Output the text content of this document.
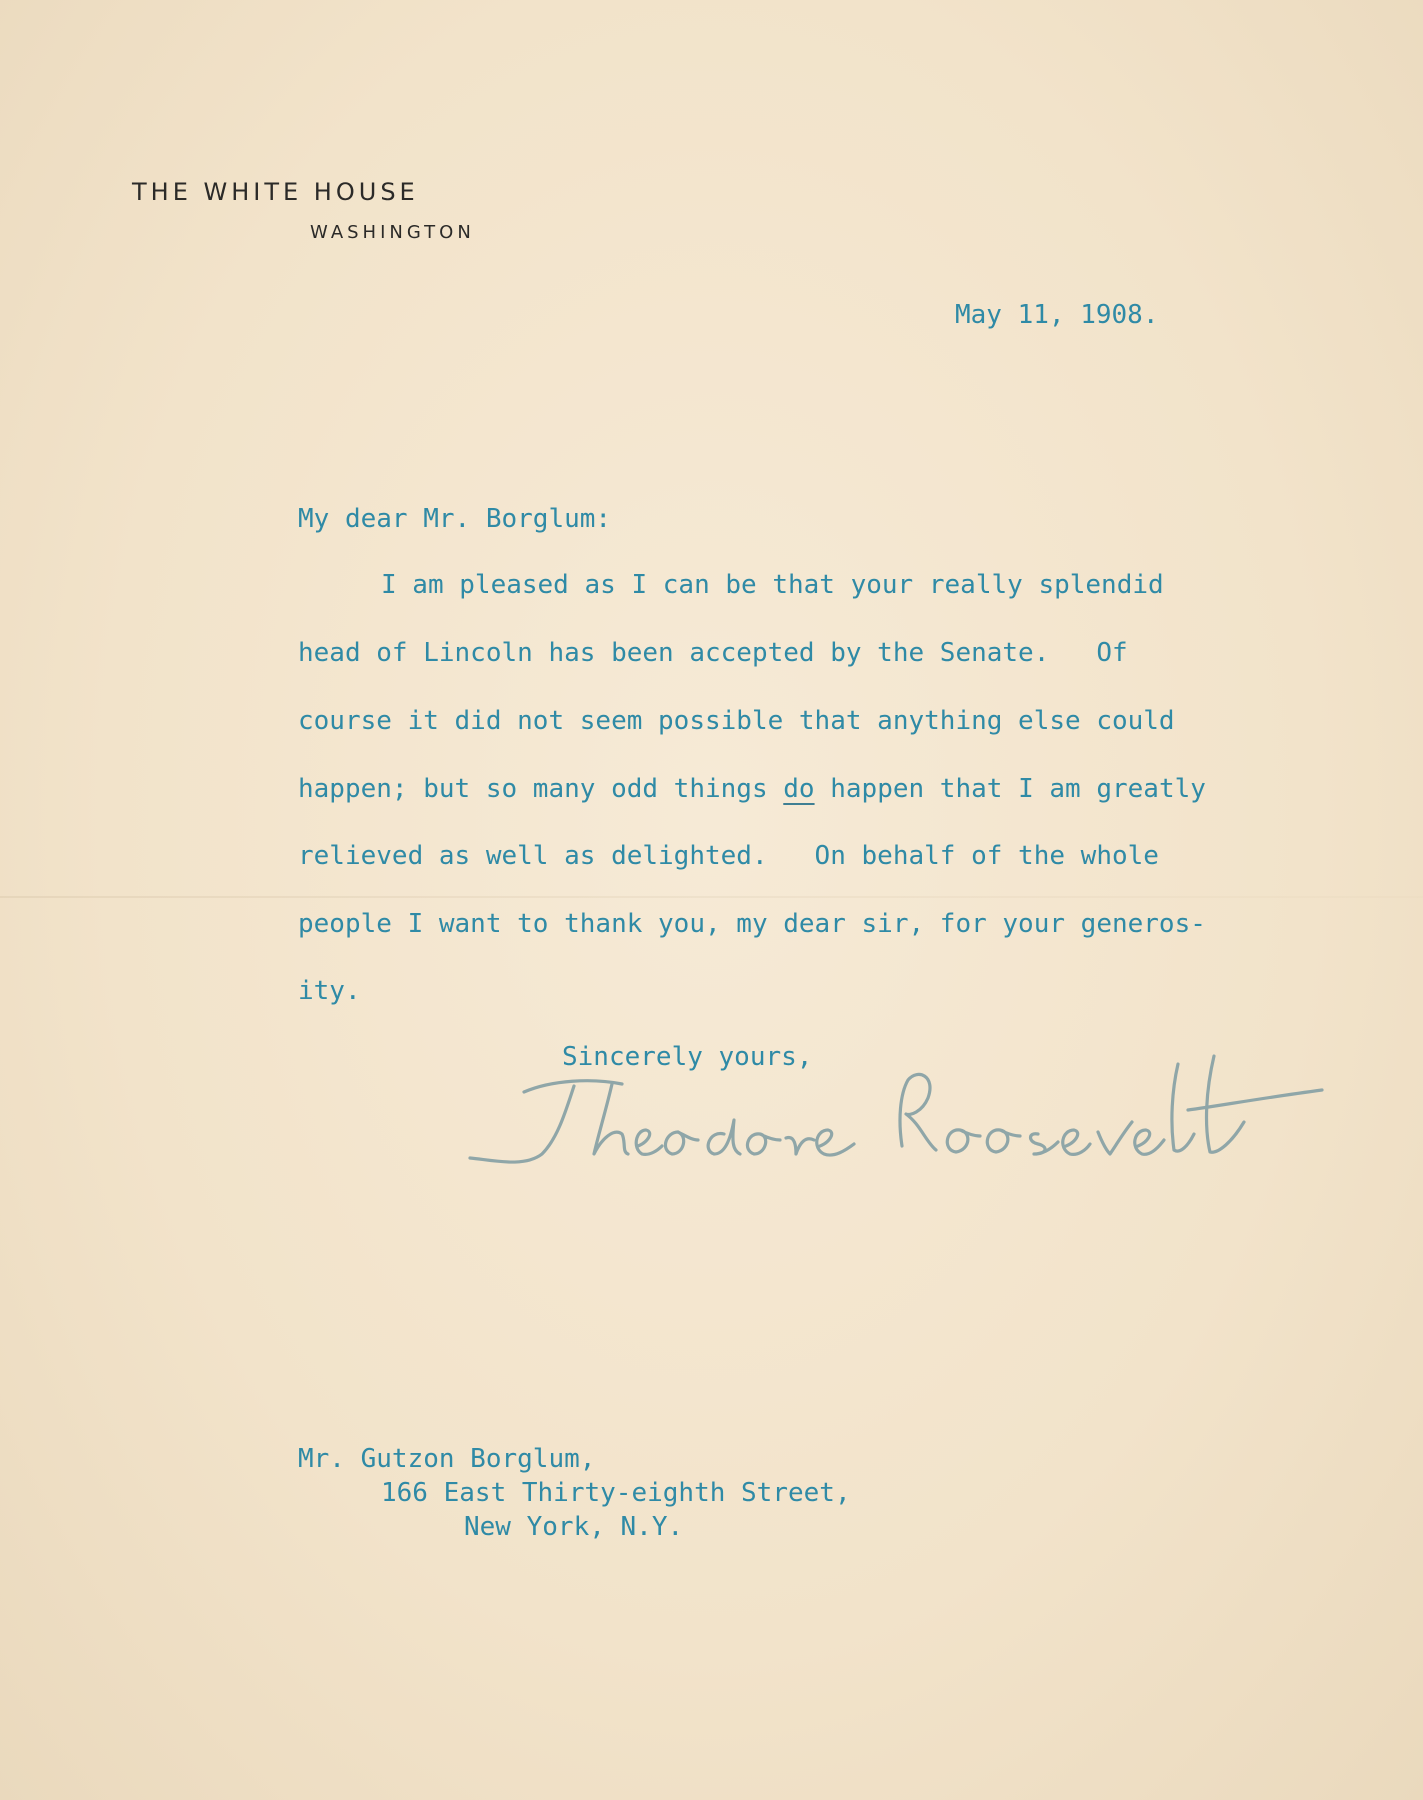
THE WHITE HOUSE
WASHINGTON
May 11, 1908.
My dear Mr. Borglum:
I am pleased as I can be that your really splendid
head of Lincoln has been accepted by the Senate.   Of
course it did not seem possible that anything else could
happen; but so many odd things do happen that I am greatly
relieved as well as delighted.   On behalf of the whole
people I want to thank you, my dear sir, for your generos-
ity.
Sincerely yours,
Mr. Gutzon Borglum,
166 East Thirty-eighth Street,
New York, N.Y.
